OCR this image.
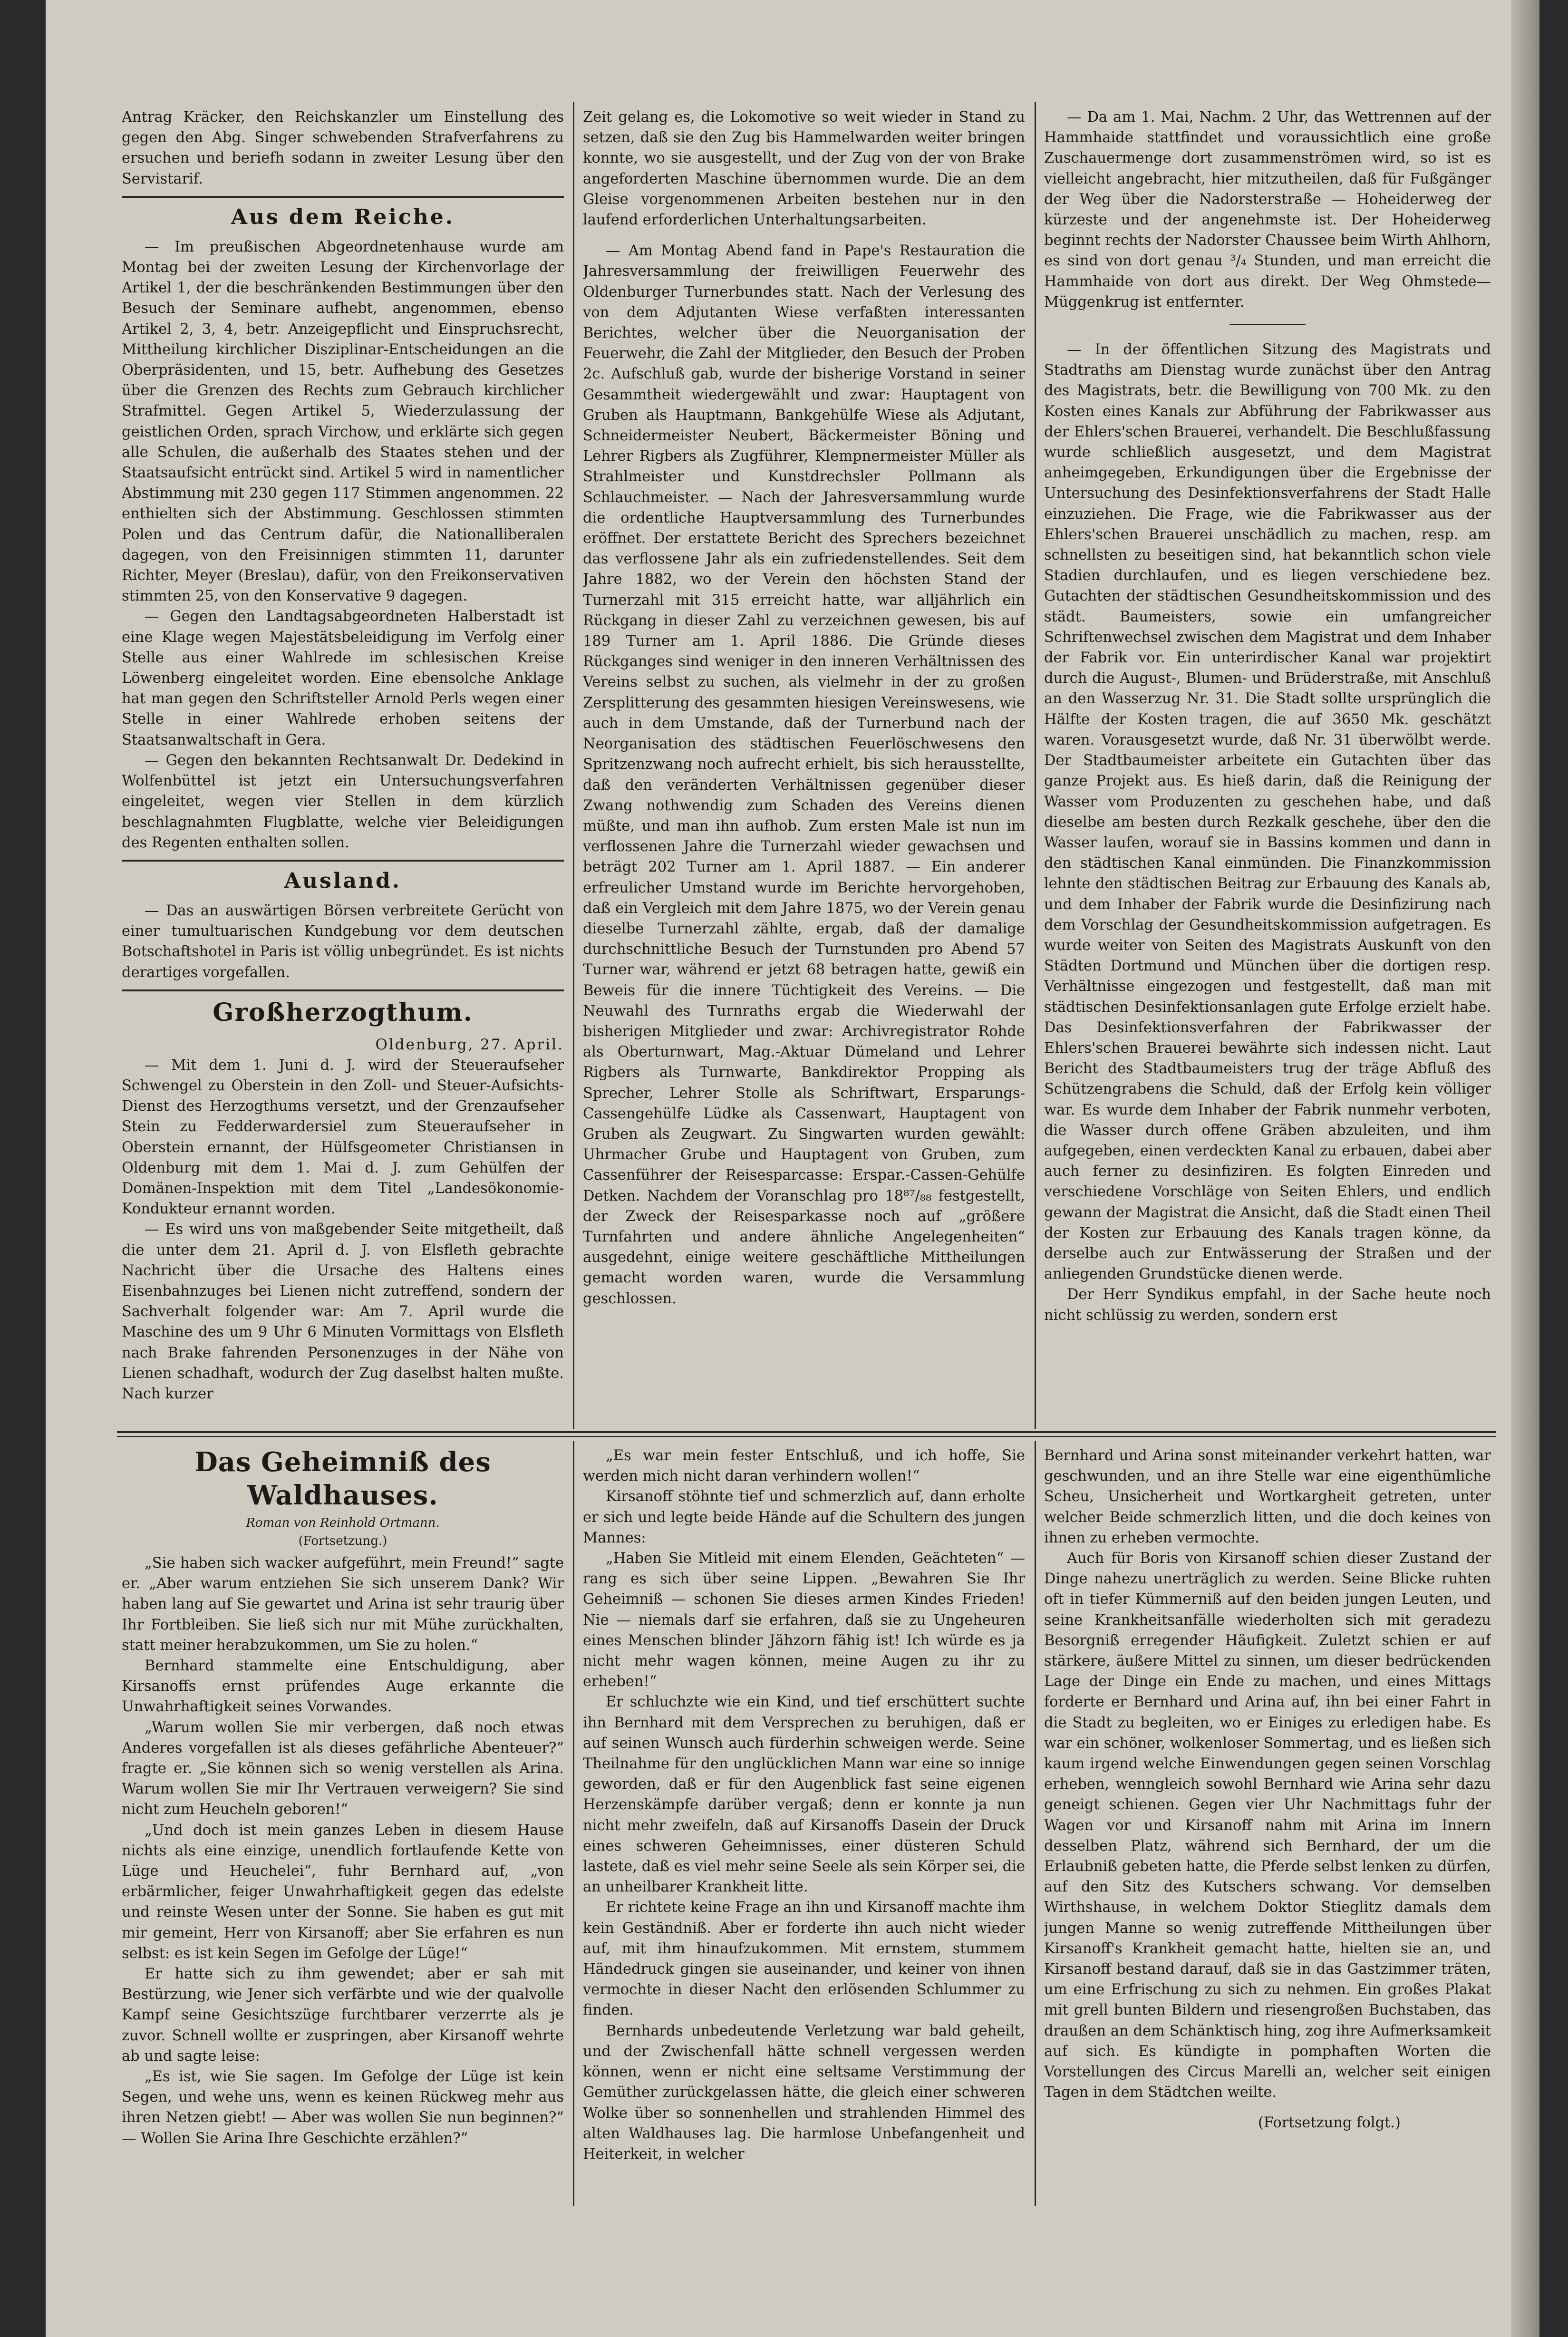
Antrag Kräcker, den Reichskanzler um Einstellung des gegen den Abg. Singer schwebenden Strafverfahrens zu ersuchen und beriefh sodann in zweiter Lesung über den Servistarif.

Aus dem Reiche.

— Im preußischen Abgeordnetenhause wurde am Montag bei der zweiten Lesung der Kirchenvorlage der Artikel 1, der die beschränkenden Bestimmungen über den Besuch der Seminare aufhebt, angenommen, ebenso Artikel 2, 3, 4, betr. Anzeigepflicht und Einspruchsrecht, Mittheilung kirchlicher Disziplinar-Entscheidungen an die Oberpräsidenten, und 15, betr. Aufhebung des Gesetzes über die Grenzen des Rechts zum Gebrauch kirchlicher Strafmittel. Gegen Artikel 5, Wiederzulassung der geistlichen Orden, sprach Virchow, und erklärte sich gegen alle Schulen, die außerhalb des Staates stehen und der Staatsaufsicht entrückt sind. Artikel 5 wird in namentlicher Abstimmung mit 230 gegen 117 Stimmen angenommen. 22 enthielten sich der Abstimmung. Geschlossen stimmten Polen und das Centrum dafür, die Nationalliberalen dagegen, von den Freisinnigen stimmten 11, darunter Richter, Meyer (Breslau), dafür, von den Freikonservativen stimmten 25, von den Konservative 9 dagegen.

— Gegen den Landtagsabgeordneten Halberstadt ist eine Klage wegen Majestätsbeleidigung im Verfolg einer Stelle aus einer Wahlrede im schlesischen Kreise Löwenberg eingeleitet worden. Eine ebensolche Anklage hat man gegen den Schriftsteller Arnold Perls wegen einer Stelle in einer Wahlrede erhoben seitens der Staatsanwaltschaft in Gera.

— Gegen den bekannten Rechtsanwalt Dr. Dedekind in Wolfenbüttel ist jetzt ein Untersuchungsverfahren eingeleitet, wegen vier Stellen in dem kürzlich beschlagnahmten Flugblatte, welche vier Beleidigungen des Regenten enthalten sollen.

Ausland.

— Das an auswärtigen Börsen verbreitete Gerücht von einer tumultuarischen Kundgebung vor dem deutschen Botschaftshotel in Paris ist völlig unbegründet. Es ist nichts derartiges vorgefallen.

Großherzogthum.
Oldenburg, 27. April.

— Mit dem 1. Juni d. J. wird der Steueraufseher Schwengel zu Oberstein in den Zoll- und Steuer-Aufsichts-Dienst des Herzogthums versetzt, und der Grenzaufseher Stein zu Fedderwardersiel zum Steueraufseher in Oberstein ernannt, der Hülfsgeometer Christiansen in Oldenburg mit dem 1. Mai d. J. zum Gehülfen der Domänen-Inspektion mit dem Titel „Landesökonomie-Kondukteur ernannt worden.

— Es wird uns von maßgebender Seite mitgetheilt, daß die unter dem 21. April d. J. von Elsfleth gebrachte Nachricht über die Ursache des Haltens eines Eisenbahnzuges bei Lienen nicht zutreffend, sondern der Sachverhalt folgender war: Am 7. April wurde die Maschine des um 9 Uhr 6 Minuten Vormittags von Elsfleth nach Brake fahrenden Personenzuges in der Nähe von Lienen schadhaft, wodurch der Zug daselbst halten mußte. Nach kurzer

Zeit gelang es, die Lokomotive so weit wieder in Stand zu setzen, daß sie den Zug bis Hammelwarden weiter bringen konnte, wo sie ausgestellt, und der Zug von der von Brake angeforderten Maschine übernommen wurde. Die an dem Gleise vorgenommenen Arbeiten bestehen nur in den laufend erforderlichen Unterhaltungsarbeiten.

— Am Montag Abend fand in Pape's Restauration die Jahresversammlung der freiwilligen Feuerwehr des Oldenburger Turnerbundes statt. Nach der Verlesung des von dem Adjutanten Wiese verfaßten interessanten Berichtes, welcher über die Neuorganisation der Feuerwehr, die Zahl der Mitglieder, den Besuch der Proben 2c. Aufschluß gab, wurde der bisherige Vorstand in seiner Gesammtheit wiedergewählt und zwar: Hauptagent von Gruben als Hauptmann, Bankgehülfe Wiese als Adjutant, Schneidermeister Neubert, Bäckermeister Böning und Lehrer Rigbers als Zugführer, Klempnermeister Müller als Strahlmeister und Kunstdrechsler Pollmann als Schlauchmeister. — Nach der Jahresversammlung wurde die ordentliche Hauptversammlung des Turnerbundes eröffnet. Der erstattete Bericht des Sprechers bezeichnet das verflossene Jahr als ein zufriedenstellendes. Seit dem Jahre 1882, wo der Verein den höchsten Stand der Turnerzahl mit 315 erreicht hatte, war alljährlich ein Rückgang in dieser Zahl zu verzeichnen gewesen, bis auf 189 Turner am 1. April 1886. Die Gründe dieses Rückganges sind weniger in den inneren Verhältnissen des Vereins selbst zu suchen, als vielmehr in der zu großen Zersplitterung des gesammten hiesigen Vereinswesens, wie auch in dem Umstande, daß der Turnerbund nach der Neorganisation des städtischen Feuerlöschwesens den Spritzenzwang noch aufrecht erhielt, bis sich herausstellte, daß den veränderten Verhältnissen gegenüber dieser Zwang nothwendig zum Schaden des Vereins dienen müßte, und man ihn aufhob. Zum ersten Male ist nun im verflossenen Jahre die Turnerzahl wieder gewachsen und beträgt 202 Turner am 1. April 1887. — Ein anderer erfreulicher Umstand wurde im Berichte hervorgehoben, daß ein Vergleich mit dem Jahre 1875, wo der Verein genau dieselbe Turnerzahl zählte, ergab, daß der damalige durchschnittliche Besuch der Turnstunden pro Abend 57 Turner war, während er jetzt 68 betragen hatte, gewiß ein Beweis für die innere Tüchtigkeit des Vereins. — Die Neuwahl des Turnraths ergab die Wiederwahl der bisherigen Mitglieder und zwar: Archivregistrator Rohde als Oberturnwart, Mag.-Aktuar Dümeland und Lehrer Rigbers als Turnwarte, Bankdirektor Propping als Sprecher, Lehrer Stolle als Schriftwart, Ersparungs-Cassengehülfe Lüdke als Cassenwart, Hauptagent von Gruben als Zeugwart. Zu Singwarten wurden gewählt: Uhrmacher Grube und Hauptagent von Gruben, zum Cassenführer der Reisesparcasse: Erspar.-Cassen-Gehülfe Detken. Nachdem der Voranschlag pro 18⁸⁷/₈₈ festgestellt, der Zweck der Reisesparkasse noch auf „größere Turnfahrten und andere ähnliche Angelegenheiten“ ausgedehnt, einige weitere geschäftliche Mittheilungen gemacht worden waren, wurde die Versammlung geschlossen.

— Da am 1. Mai, Nachm. 2 Uhr, das Wettrennen auf der Hammhaide stattfindet und voraussichtlich eine große Zuschauermenge dort zusammenströmen wird, so ist es vielleicht angebracht, hier mitzutheilen, daß für Fußgänger der Weg über die Nadorsterstraße — Hoheiderweg der kürzeste und der angenehmste ist. Der Hoheiderweg beginnt rechts der Nadorster Chaussee beim Wirth Ahlhorn, es sind von dort genau ³/₄ Stunden, und man erreicht die Hammhaide von dort aus direkt. Der Weg Ohmstede—Müggenkrug ist entfernter.

— In der öffentlichen Sitzung des Magistrats und Stadtraths am Dienstag wurde zunächst über den Antrag des Magistrats, betr. die Bewilligung von 700 Mk. zu den Kosten eines Kanals zur Abführung der Fabrikwasser aus der Ehlers'schen Brauerei, verhandelt. Die Beschlußfassung wurde schließlich ausgesetzt, und dem Magistrat anheimgegeben, Erkundigungen über die Ergebnisse der Untersuchung des Desinfektionsverfahrens der Stadt Halle einzuziehen. Die Frage, wie die Fabrikwasser aus der Ehlers'schen Brauerei unschädlich zu machen, resp. am schnellsten zu beseitigen sind, hat bekanntlich schon viele Stadien durchlaufen, und es liegen verschiedene bez. Gutachten der städtischen Gesundheitskommission und des städt. Baumeisters, sowie ein umfangreicher Schriftenwechsel zwischen dem Magistrat und dem Inhaber der Fabrik vor. Ein unterirdischer Kanal war projektirt durch die August-, Blumen- und Brüderstraße, mit Anschluß an den Wasserzug Nr. 31. Die Stadt sollte ursprünglich die Hälfte der Kosten tragen, die auf 3650 Mk. geschätzt waren. Vorausgesetzt wurde, daß Nr. 31 überwölbt werde. Der Stadtbaumeister arbeitete ein Gutachten über das ganze Projekt aus. Es hieß darin, daß die Reinigung der Wasser vom Produzenten zu geschehen habe, und daß dieselbe am besten durch Rezkalk geschehe, über den die Wasser laufen, worauf sie in Bassins kommen und dann in den städtischen Kanal einmünden. Die Finanzkommission lehnte den städtischen Beitrag zur Erbauung des Kanals ab, und dem Inhaber der Fabrik wurde die Desinfizirung nach dem Vorschlag der Gesundheitskommission aufgetragen. Es wurde weiter von Seiten des Magistrats Auskunft von den Städten Dortmund und München über die dortigen resp. Verhältnisse eingezogen und festgestellt, daß man mit städtischen Desinfektionsanlagen gute Erfolge erzielt habe. Das Desinfektionsverfahren der Fabrikwasser der Ehlers'schen Brauerei bewährte sich indessen nicht. Laut Bericht des Stadtbaumeisters trug der träge Abfluß des Schützengrabens die Schuld, daß der Erfolg kein völliger war. Es wurde dem Inhaber der Fabrik nunmehr verboten, die Wasser durch offene Gräben abzuleiten, und ihm aufgegeben, einen verdeckten Kanal zu erbauen, dabei aber auch ferner zu desinfiziren. Es folgten Einreden und verschiedene Vorschläge von Seiten Ehlers, und endlich gewann der Magistrat die Ansicht, daß die Stadt einen Theil der Kosten zur Erbauung des Kanals tragen könne, da derselbe auch zur Entwässerung der Straßen und der anliegenden Grundstücke dienen werde.

Der Herr Syndikus empfahl, in der Sache heute noch nicht schlüssig zu werden, sondern erst

Das Geheimniß des Waldhauses.
Roman von Reinhold Ortmann.
(Fortsetzung.)

„Sie haben sich wacker aufgeführt, mein Freund!“ sagte er. „Aber warum entziehen Sie sich unserem Dank? Wir haben lang auf Sie gewartet und Arina ist sehr traurig über Ihr Fortbleiben. Sie ließ sich nur mit Mühe zurückhalten, statt meiner herabzukommen, um Sie zu holen.“

Bernhard stammelte eine Entschuldigung, aber Kirsanoffs ernst prüfendes Auge erkannte die Unwahrhaftigkeit seines Vorwandes.

„Warum wollen Sie mir verbergen, daß noch etwas Anderes vorgefallen ist als dieses gefährliche Abenteuer?“ fragte er. „Sie können sich so wenig verstellen als Arina. Warum wollen Sie mir Ihr Vertrauen verweigern? Sie sind nicht zum Heucheln geboren!“

„Und doch ist mein ganzes Leben in diesem Hause nichts als eine einzige, unendlich fortlaufende Kette von Lüge und Heuchelei“, fuhr Bernhard auf, „von erbärmlicher, feiger Unwahrhaftigkeit gegen das edelste und reinste Wesen unter der Sonne. Sie haben es gut mit mir gemeint, Herr von Kirsanoff; aber Sie erfahren es nun selbst: es ist kein Segen im Gefolge der Lüge!“

Er hatte sich zu ihm gewendet; aber er sah mit Bestürzung, wie Jener sich verfärbte und wie der qualvolle Kampf seine Gesichtszüge furchtbarer verzerrte als je zuvor. Schnell wollte er zuspringen, aber Kirsanoff wehrte ab und sagte leise:

„Es ist, wie Sie sagen. Im Gefolge der Lüge ist kein Segen, und wehe uns, wenn es keinen Rückweg mehr aus ihren Netzen giebt! — Aber was wollen Sie nun beginnen?“ — Wollen Sie Arina Ihre Geschichte erzählen?“

„Es war mein fester Entschluß, und ich hoffe, Sie werden mich nicht daran verhindern wollen!“

Kirsanoff stöhnte tief und schmerzlich auf, dann erholte er sich und legte beide Hände auf die Schultern des jungen Mannes:

„Haben Sie Mitleid mit einem Elenden, Geächteten“ — rang es sich über seine Lippen. „Bewahren Sie Ihr Geheimniß — schonen Sie dieses armen Kindes Frieden! Nie — niemals darf sie erfahren, daß sie zu Ungeheuren eines Menschen blinder Jähzorn fähig ist! Ich würde es ja nicht mehr wagen können, meine Augen zu ihr zu erheben!“

Er schluchzte wie ein Kind, und tief erschüttert suchte ihn Bernhard mit dem Versprechen zu beruhigen, daß er auf seinen Wunsch auch fürderhin schweigen werde. Seine Theilnahme für den unglücklichen Mann war eine so innige geworden, daß er für den Augenblick fast seine eigenen Herzenskämpfe darüber vergaß; denn er konnte ja nun nicht mehr zweifeln, daß auf Kirsanoffs Dasein der Druck eines schweren Geheimnisses, einer düsteren Schuld lastete, daß es viel mehr seine Seele als sein Körper sei, die an unheilbarer Krankheit litte.

Er richtete keine Frage an ihn und Kirsanoff machte ihm kein Geständniß. Aber er forderte ihn auch nicht wieder auf, mit ihm hinaufzukommen. Mit ernstem, stummem Händedruck gingen sie auseinander, und keiner von ihnen vermochte in dieser Nacht den erlösenden Schlummer zu finden.

Bernhards unbedeutende Verletzung war bald geheilt, und der Zwischenfall hätte schnell vergessen werden können, wenn er nicht eine seltsame Verstimmung der Gemüther zurückgelassen hätte, die gleich einer schweren Wolke über so sonnenhellen und strahlenden Himmel des alten Waldhauses lag. Die harmlose Unbefangenheit und Heiterkeit, in welcher

Bernhard und Arina sonst miteinander verkehrt hatten, war geschwunden, und an ihre Stelle war eine eigenthümliche Scheu, Unsicherheit und Wortkargheit getreten, unter welcher Beide schmerzlich litten, und die doch keines von ihnen zu erheben vermochte.

Auch für Boris von Kirsanoff schien dieser Zustand der Dinge nahezu unerträglich zu werden. Seine Blicke ruhten oft in tiefer Kümmerniß auf den beiden jungen Leuten, und seine Krankheitsanfälle wiederholten sich mit geradezu Besorgniß erregender Häufigkeit. Zuletzt schien er auf stärkere, äußere Mittel zu sinnen, um dieser bedrückenden Lage der Dinge ein Ende zu machen, und eines Mittags forderte er Bernhard und Arina auf, ihn bei einer Fahrt in die Stadt zu begleiten, wo er Einiges zu erledigen habe. Es war ein schöner, wolkenloser Sommertag, und es ließen sich kaum irgend welche Einwendungen gegen seinen Vorschlag erheben, wenngleich sowohl Bernhard wie Arina sehr dazu geneigt schienen. Gegen vier Uhr Nachmittags fuhr der Wagen vor und Kirsanoff nahm mit Arina im Innern desselben Platz, während sich Bernhard, der um die Erlaubniß gebeten hatte, die Pferde selbst lenken zu dürfen, auf den Sitz des Kutschers schwang. Vor demselben Wirthshause, in welchem Doktor Stieglitz damals dem jungen Manne so wenig zutreffende Mittheilungen über Kirsanoff's Krankheit gemacht hatte, hielten sie an, und Kirsanoff bestand darauf, daß sie in das Gastzimmer träten, um eine Erfrischung zu sich zu nehmen. Ein großes Plakat mit grell bunten Bildern und riesengroßen Buchstaben, das draußen an dem Schänktisch hing, zog ihre Aufmerksamkeit auf sich. Es kündigte in pomphaften Worten die Vorstellungen des Circus Marelli an, welcher seit einigen Tagen in dem Städtchen weilte.

(Fortsetzung folgt.)
